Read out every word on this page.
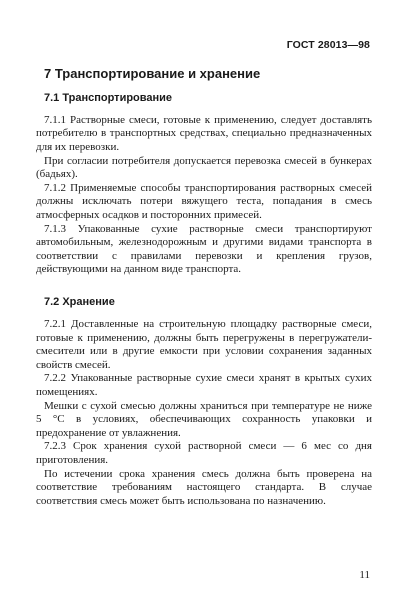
ГОСТ 28013—98
7 Транспортирование и хранение
7.1 Транспортирование

7.1.1 Растворные смеси, готовые к применению, следует доставлять потребителю в транспортных средствах, специально предназначенных для их перевозки.

При согласии потребителя допускается перевозка смесей в бункерах (бадьях).

7.1.2 Применяемые способы транспортирования растворных смесей должны исключать потери вяжущего теста, попадания в смесь атмосферных осадков и посторонних примесей.

7.1.3 Упакованные сухие растворные смеси транспортируют автомобильным, железнодорожным и другими видами транспорта в соответствии с правилами перевозки и крепления грузов, действующими на данном виде транспорта.

7.2 Хранение

7.2.1 Доставленные на строительную площадку растворные смеси, готовые к применению, должны быть перегружены в перегружатели-смесители или в другие емкости при условии сохранения заданных свойств смесей.

7.2.2 Упакованные растворные сухие смеси хранят в крытых сухих помещениях.

Мешки с сухой смесью должны храниться при температуре не ниже 5 °С в условиях, обеспечивающих сохранность упаковки и предохранение от увлажнения.

7.2.3 Срок хранения сухой растворной смеси — 6 мес со дня приготовления.

По истечении срока хранения смесь должна быть проверена на соответствие требованиям настоящего стандарта. В случае соответствия смесь может быть использована по назначению.

11
